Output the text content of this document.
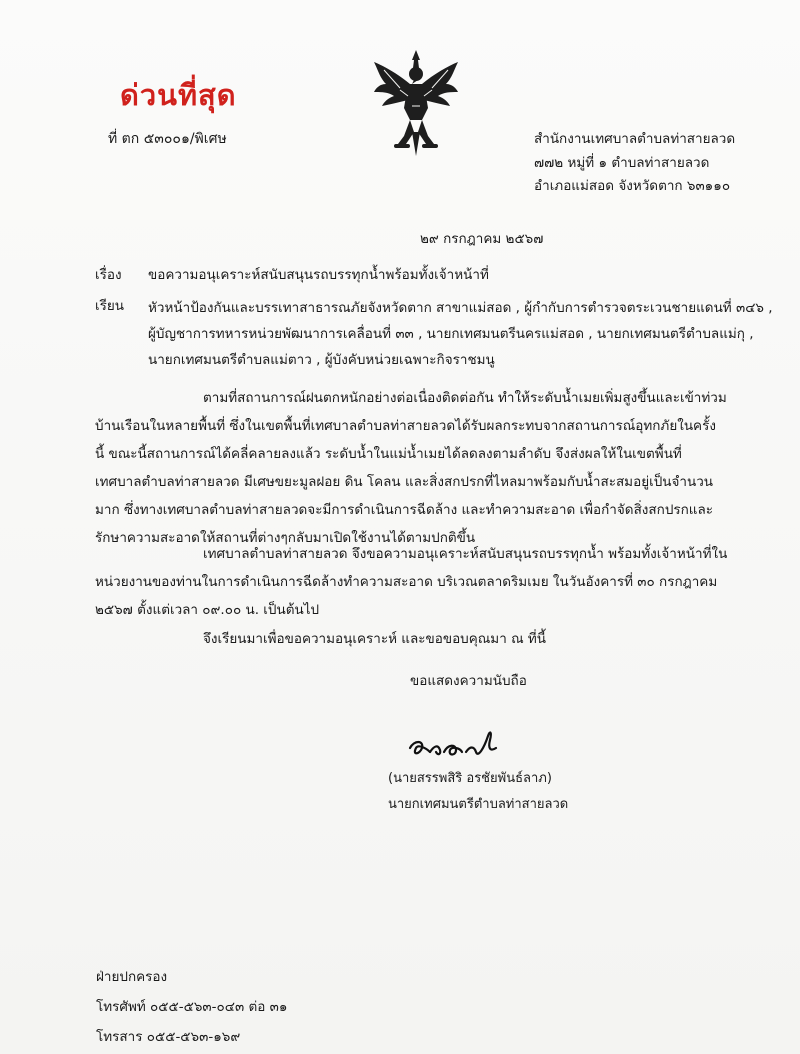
ด่วนที่สุด
ที่ ตก ๕๓๐๐๑/พิเศษ	สำนักงานเทศบาลตำบลท่าสายลวด
๗๗๒ หมู่ที่ ๑ ตำบลท่าสายลวด
อำเภอแม่สอด จังหวัดตาก ๖๓๑๑๐
๒๙ กรกฎาคม ๒๕๖๗
เรื่อง	ขอความอนุเคราะห์สนับสนุนรถบรรทุกน้ำพร้อมทั้งเจ้าหน้าที่
เรียน	หัวหน้าป้องกันและบรรเทาสาธารณภัยจังหวัดตาก สาขาแม่สอด , ผู้กำกับการตำรวจตระเวนชายแดนที่ ๓๔๖ ,
ผู้บัญชาการทหารหน่วยพัฒนาการเคลื่อนที่ ๓๓ , นายกเทศมนตรีนครแม่สอด , นายกเทศมนตรีตำบลแม่กุ ,
นายกเทศมนตรีตำบลแม่ตาว , ผู้บังคับหน่วยเฉพาะกิจราชมนู
ตามที่สถานการณ์ฝนตกหนักอย่างต่อเนื่องติดต่อกัน ทำให้ระดับน้ำเมยเพิ่มสูงขึ้นและเข้าท่วม
บ้านเรือนในหลายพื้นที่ ซึ่งในเขตพื้นที่เทศบาลตำบลท่าสายลวดได้รับผลกระทบจากสถานการณ์อุทกภัยในครั้ง
นี้ ขณะนี้สถานการณ์ได้คลี่คลายลงแล้ว ระดับน้ำในแม่น้ำเมยได้ลดลงตามลำดับ จึงส่งผลให้ในเขตพื้นที่
เทศบาลตำบลท่าสายลวด มีเศษขยะมูลฝอย ดิน โคลน และสิ่งสกปรกที่ไหลมาพร้อมกับน้ำสะสมอยู่เป็นจำนวน
มาก ซึ่งทางเทศบาลตำบลท่าสายลวดจะมีการดำเนินการฉีดล้าง และทำความสะอาด เพื่อกำจัดสิ่งสกปรกและ
รักษาความสะอาดให้สถานที่ต่างๆกลับมาเปิดใช้งานได้ตามปกติขึ้น
เทศบาลตำบลท่าสายลวด จึงขอความอนุเคราะห์สนับสนุนรถบรรทุกน้ำ พร้อมทั้งเจ้าหน้าที่ใน
หน่วยงานของท่านในการดำเนินการฉีดล้างทำความสะอาด บริเวณตลาดริมเมย ในวันอังคารที่ ๓๐ กรกฎาคม
๒๕๖๗ ตั้งแต่เวลา ๐๙.๐๐ น. เป็นต้นไป
จึงเรียนมาเพื่อขอความอนุเคราะห์ และขอขอบคุณมา ณ ที่นี้
ขอแสดงความนับถือ
(นายสรรพสิริ อรชัยพันธ์ลาภ)
นายกเทศมนตรีตำบลท่าสายลวด
ฝ่ายปกครอง
โทรศัพท์ ๐๕๕-๕๖๓-๐๔๓ ต่อ ๓๑
โทรสาร ๐๕๕-๕๖๓-๑๖๙
